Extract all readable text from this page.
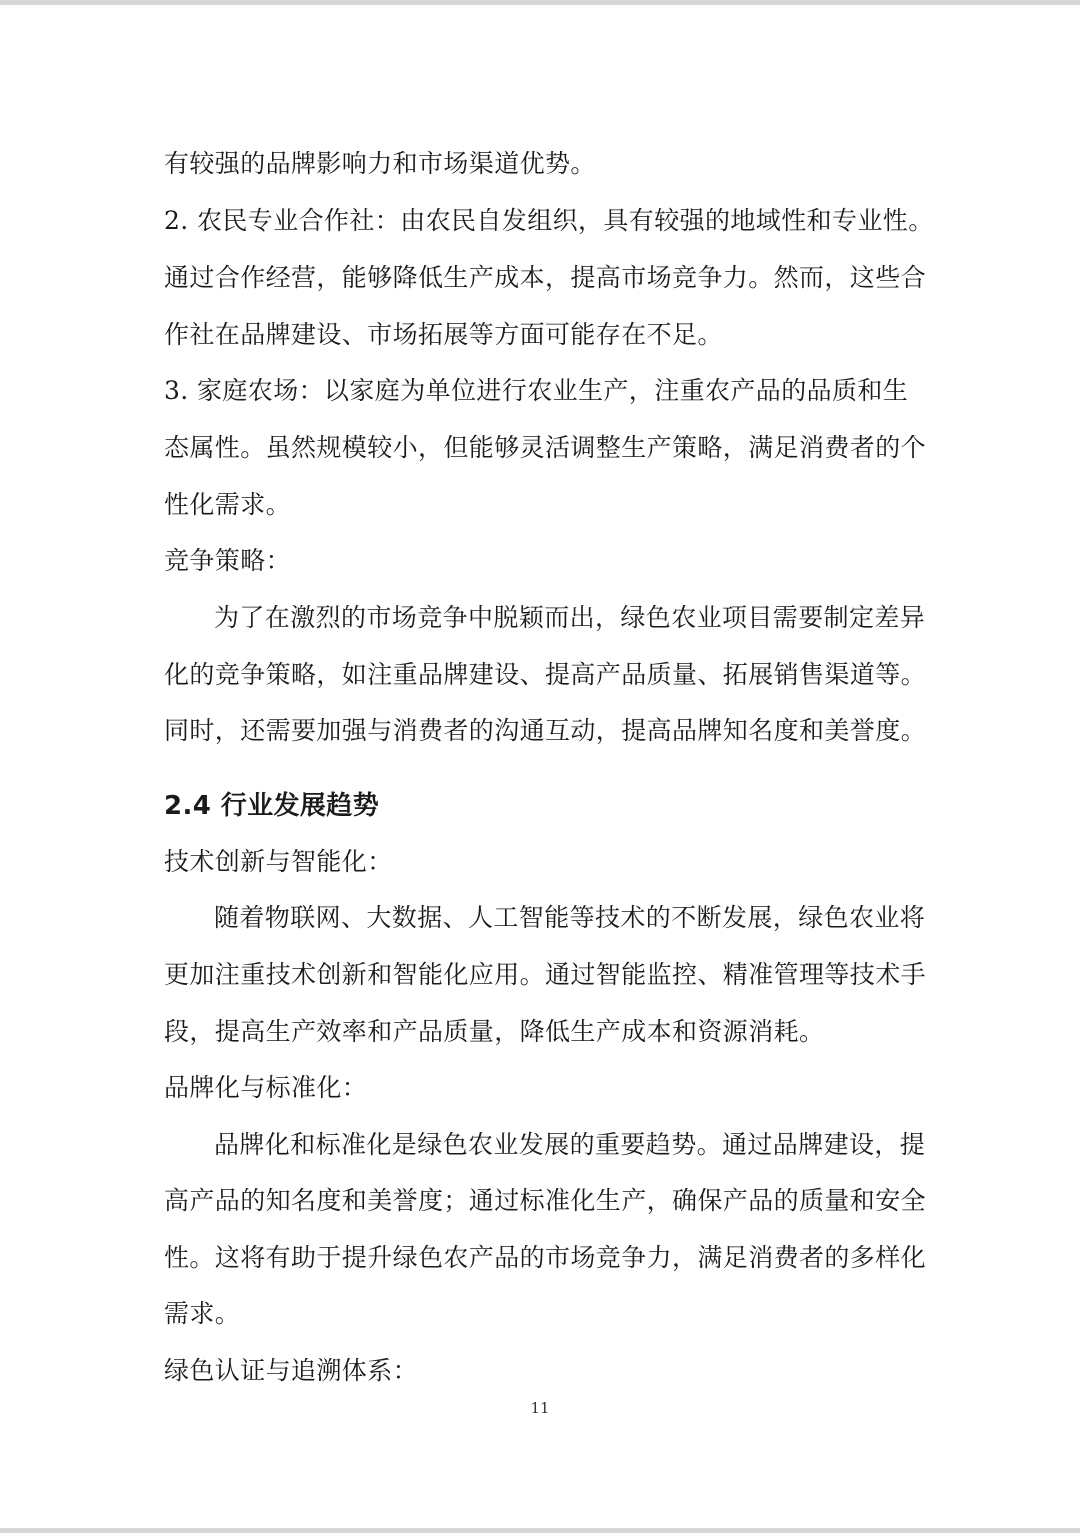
有较强的品牌影响力和市场渠道优势。
2. 农民专业合作社：由农民自发组织，具有较强的地域性和专业性。
通过合作经营，能够降低生产成本，提高市场竞争力。然而，这些合
作社在品牌建设、市场拓展等方面可能存在不足。
3. 家庭农场：以家庭为单位进行农业生产，注重农产品的品质和生
态属性。虽然规模较小，但能够灵活调整生产策略，满足消费者的个
性化需求。
竞争策略：
为了在激烈的市场竞争中脱颖而出，绿色农业项目需要制定差异
化的竞争策略，如注重品牌建设、提高产品质量、拓展销售渠道等。
同时，还需要加强与消费者的沟通互动，提高品牌知名度和美誉度。
2.4 行业发展趋势
技术创新与智能化：
随着物联网、大数据、人工智能等技术的不断发展，绿色农业将
更加注重技术创新和智能化应用。通过智能监控、精准管理等技术手
段，提高生产效率和产品质量，降低生产成本和资源消耗。
品牌化与标准化：
品牌化和标准化是绿色农业发展的重要趋势。通过品牌建设，提
高产品的知名度和美誉度；通过标准化生产，确保产品的质量和安全
性。这将有助于提升绿色农产品的市场竞争力，满足消费者的多样化
需求。
绿色认证与追溯体系：
11
